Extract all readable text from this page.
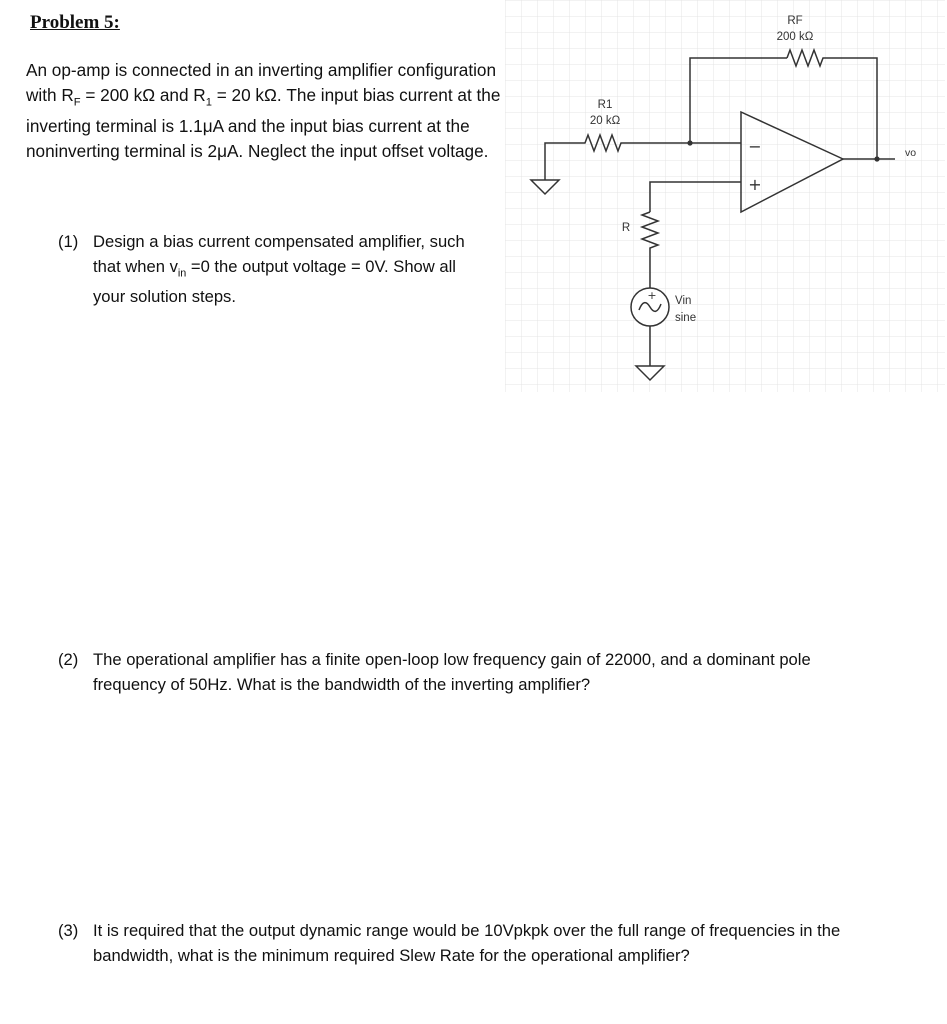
Problem 5:
An op-amp is connected in an inverting amplifier configuration with $R_F = 200$ kΩ and $R_1 = 20$ kΩ. The input bias current at the inverting terminal is 1.1μA and the input bias current at the noninverting terminal is 2μA. Neglect the input offset voltage.
(1) Design a bias current compensated amplifier, such that when $v_{in} =0$ the output voltage = 0V. Show all your solution steps.
(2) The operational amplifier has a finite open-loop low frequency gain of 22000, and a dominant pole frequency of 50Hz. What is the bandwidth of the inverting amplifier?
(3) It is required that the output dynamic range would be 10Vpkpk over the full range of frequencies in the bandwidth, what is the minimum required Slew Rate for the operational amplifier?
RF
200 kΩ
R1
20 kΩ
R
Vin
sine
vo
−
+
+
